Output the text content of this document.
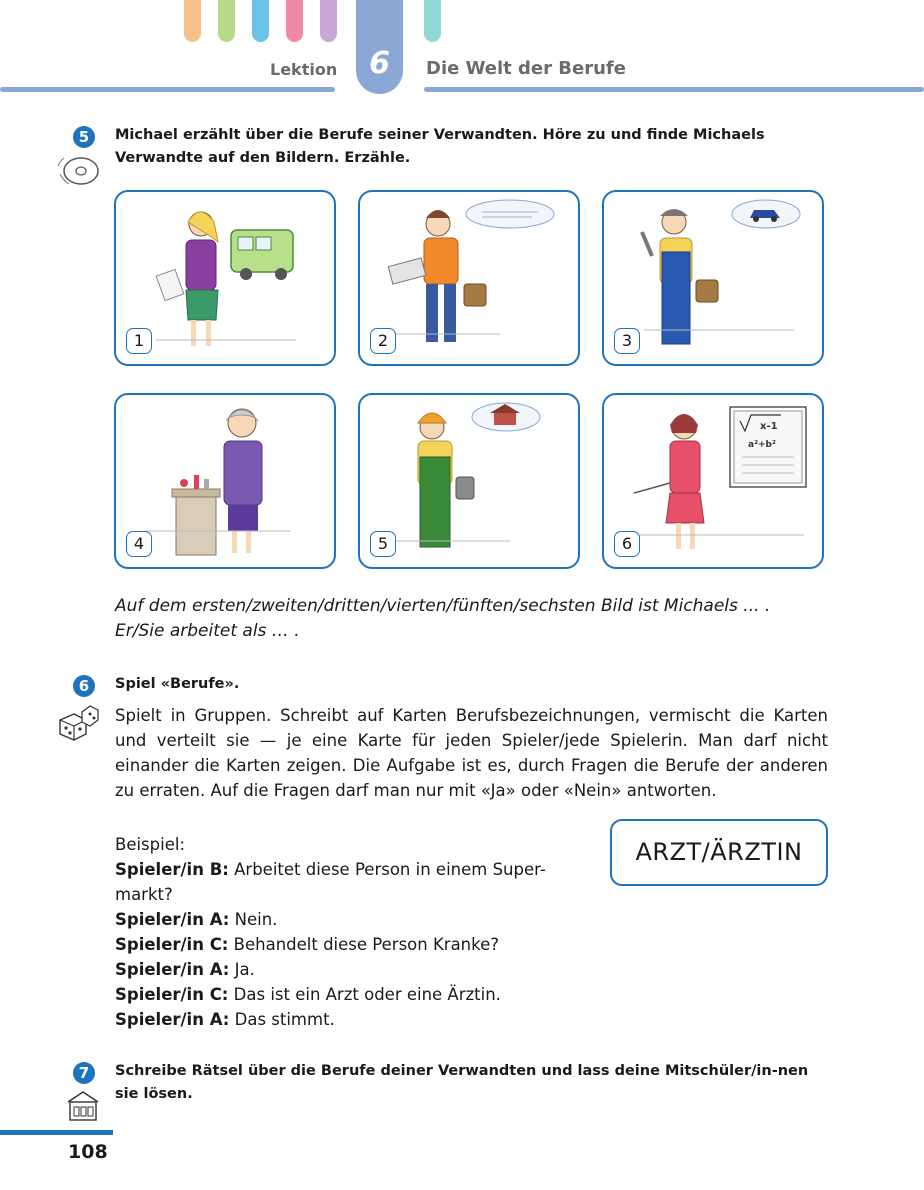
Lektion	6	Die Welt der Berufe
5	Michael erzählt über die Berufe seiner Verwandten. Höre zu und finde Michaels Verwandte auf den Bildern. Erzähle.
1	2	3
4	5
x-1
a²+b²
6
Auf dem ersten/zweiten/dritten/vierten/fünften/sechsten Bild ist Michaels ... .
Er/Sie arbeitet als … .
6	Spiel «Berufe».
Spielt in Gruppen. Schreibt auf Karten Berufsbezeichnungen, vermischt die Karten und verteilt sie — je eine Karte für jeden Spieler/jede Spielerin. Man darf nicht einander die Karten zeigen. Die Aufgabe ist es, durch Fragen die Berufe der anderen zu erraten. Auf die Fragen darf man nur mit «Ja» oder «Nein» antworten.
Beispiel:
Spieler/in B: Arbeitet diese Person in einem Super-
markt?
Spieler/in A: Nein.
Spieler/in C: Behandelt diese Person Kranke?
Spieler/in A: Ja.
Spieler/in C: Das ist ein Arzt oder eine Ärztin.
Spieler/in A: Das stimmt.
ARZT/ÄRZTIN
7	Schreibe Rätsel über die Berufe deiner Verwandten und lass deine Mitschüler/in-nen sie lösen.
108
